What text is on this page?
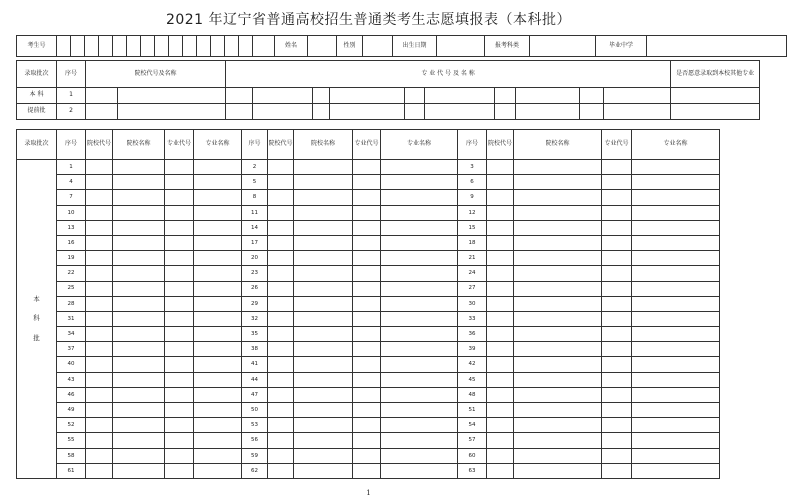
2021 年辽宁省普通高校招生普通类考生志愿填报表（本科批）
考生号																姓名		性别		出生日期		报考科类		毕业中学	
录取批次	序号	院校代号及名称		专 业 代 号 及 名 称										是否愿意录取到本校其他专业
本 科	1													
提前批	2													
录取批次	序号	院校代号	院校名称	专业代号	专业名称	序号	院校代号	院校名称	专业代号	专业名称	序号	院校代号	院校名称	专业代号	专业名称
本
科
批	1					2					3				
	4					5					6				
	7					8					9				
	10					11					12				
	13					14					15				
	16					17					18				
	19					20					21				
	22					23					24				
	25					26					27				
	28					29					30				
	31					32					33				
	34					35					36				
	37					38					39				
	40					41					42				
	43					44					45				
	46					47					48				
	49					50					51				
	52					53					54				
	55					56					57				
	58					59					60				
	61					62					63				
1
